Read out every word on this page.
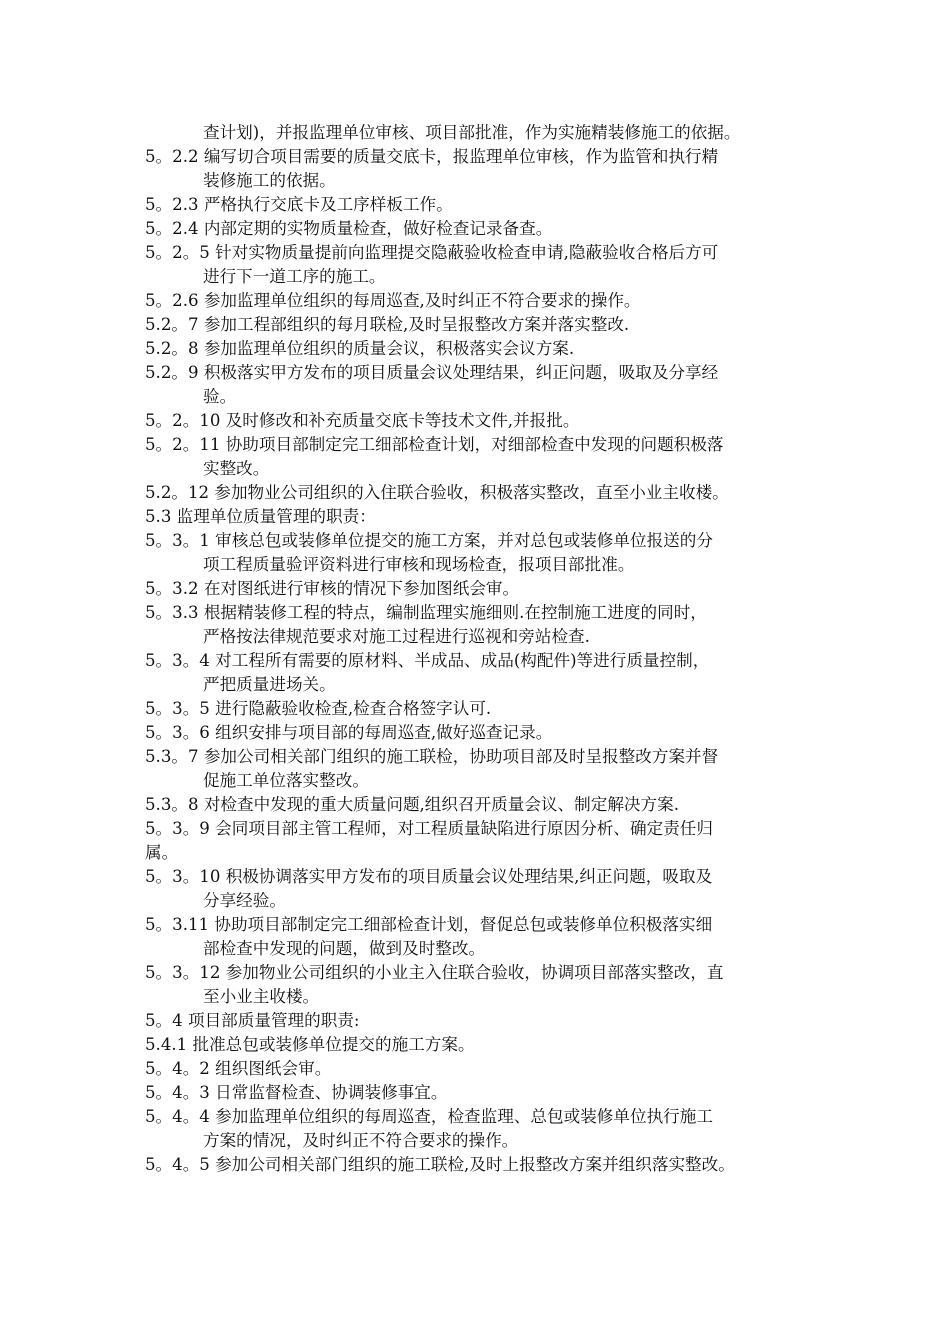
查计划)，并报监理单位审核、项目部批准，作为实施精装修施工的依据。
5。2.2 编写切合项目需要的质量交底卡，报监理单位审核，作为监管和执行精
装修施工的依据。
5。2.3 严格执行交底卡及工序样板工作。
5。2.4 内部定期的实物质量检查，做好检查记录备查。
5。2。5 针对实物质量提前向监理提交隐蔽验收检查申请,隐蔽验收合格后方可
进行下一道工序的施工。
5。2.6 参加监理单位组织的每周巡查,及时纠正不符合要求的操作。
5.2。7 参加工程部组织的每月联检,及时呈报整改方案并落实整改.
5.2。8 参加监理单位组织的质量会议，积极落实会议方案.
5.2。9 积极落实甲方发布的项目质量会议处理结果，纠正问题，吸取及分享经
验。
5。2。10 及时修改和补充质量交底卡等技术文件,并报批。
5。2。11 协助项目部制定完工细部检查计划，对细部检查中发现的问题积极落
实整改。
5.2。12 参加物业公司组织的入住联合验收，积极落实整改，直至小业主收楼。
5.3 监理单位质量管理的职责：
5。3。1 审核总包或装修单位提交的施工方案，并对总包或装修单位报送的分
项工程质量验评资料进行审核和现场检查，报项目部批准。
5。3.2 在对图纸进行审核的情况下参加图纸会审。
5。3.3 根据精装修工程的特点，编制监理实施细则.在控制施工进度的同时，
严格按法律规范要求对施工过程进行巡视和旁站检查.
5。3。4 对工程所有需要的原材料、半成品、成品(构配件)等进行质量控制，
严把质量进场关。
5。3。5 进行隐蔽验收检查,检查合格签字认可.
5。3。6 组织安排与项目部的每周巡查,做好巡查记录。
5.3。7 参加公司相关部门组织的施工联检，协助项目部及时呈报整改方案并督
促施工单位落实整改。
5.3。8 对检查中发现的重大质量问题,组织召开质量会议、制定解决方案.
5。3。9 会同项目部主管工程师，对工程质量缺陷进行原因分析、确定责任归
属。
5。3。10 积极协调落实甲方发布的项目质量会议处理结果,纠正问题，吸取及
分享经验。
5。3.11 协助项目部制定完工细部检查计划，督促总包或装修单位积极落实细
部检查中发现的问题，做到及时整改。
5。3。12 参加物业公司组织的小业主入住联合验收，协调项目部落实整改，直
至小业主收楼。
5。4 项目部质量管理的职责:
5.4.1 批准总包或装修单位提交的施工方案。
5。4。2 组织图纸会审。
5。4。3 日常监督检查、协调装修事宜。
5。4。4 参加监理单位组织的每周巡查，检查监理、总包或装修单位执行施工
方案的情况，及时纠正不符合要求的操作。
5。4。5 参加公司相关部门组织的施工联检,及时上报整改方案并组织落实整改。
